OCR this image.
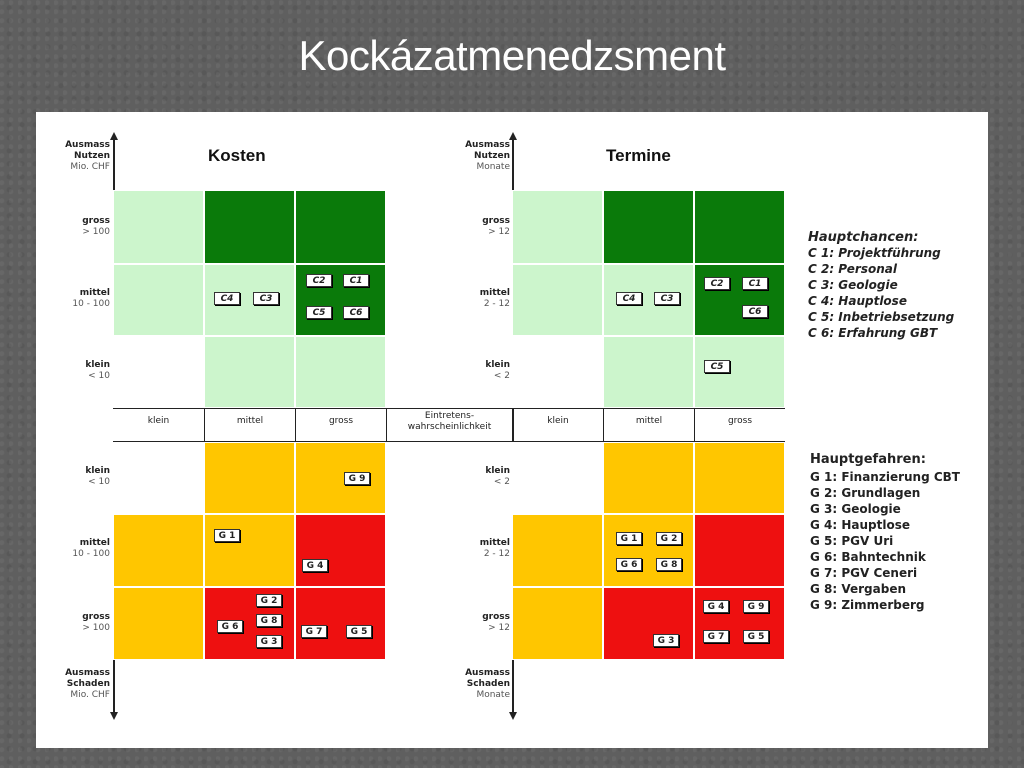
Kockázatmenedzsment
Kosten
Ausmass
Nutzen
Mio. CHF
gross
> 100
mittel
10 - 100
klein
< 10
C4	C3
C2	C1
C5	C6
klein	mittel	gross	Eintretens-
wahrscheinlichkeit
klein	mittel	gross
klein
< 10
mittel
10 - 100
gross
> 100
G 9
G 1
G 4
G 2
G 6
G 8
G 3
G 7	G 5
Ausmass
Schaden
Mio. CHF
Termine
Ausmass
Nutzen
Monate
gross
> 12
mittel
2 - 12
klein
< 2
C4	C3
C2	C1
C6
C5
klein
< 2
mittel
2 - 12
gross
> 12
G 1	G 2
G 6	G 8
G 4	G 9
G 7	G 5
G 3
Ausmass
Schaden
Monate
Hauptchancen:
C 1: Projektführung
C 2: Personal
C 3: Geologie
C 4: Hauptlose
C 5: Inbetriebsetzung
C 6: Erfahrung GBT
Hauptgefahren:
G 1: Finanzierung CBT
G 2: Grundlagen
G 3: Geologie
G 4: Hauptlose
G 5: PGV Uri
G 6: Bahntechnik
G 7: PGV Ceneri
G 8: Vergaben
G 9: Zimmerberg
